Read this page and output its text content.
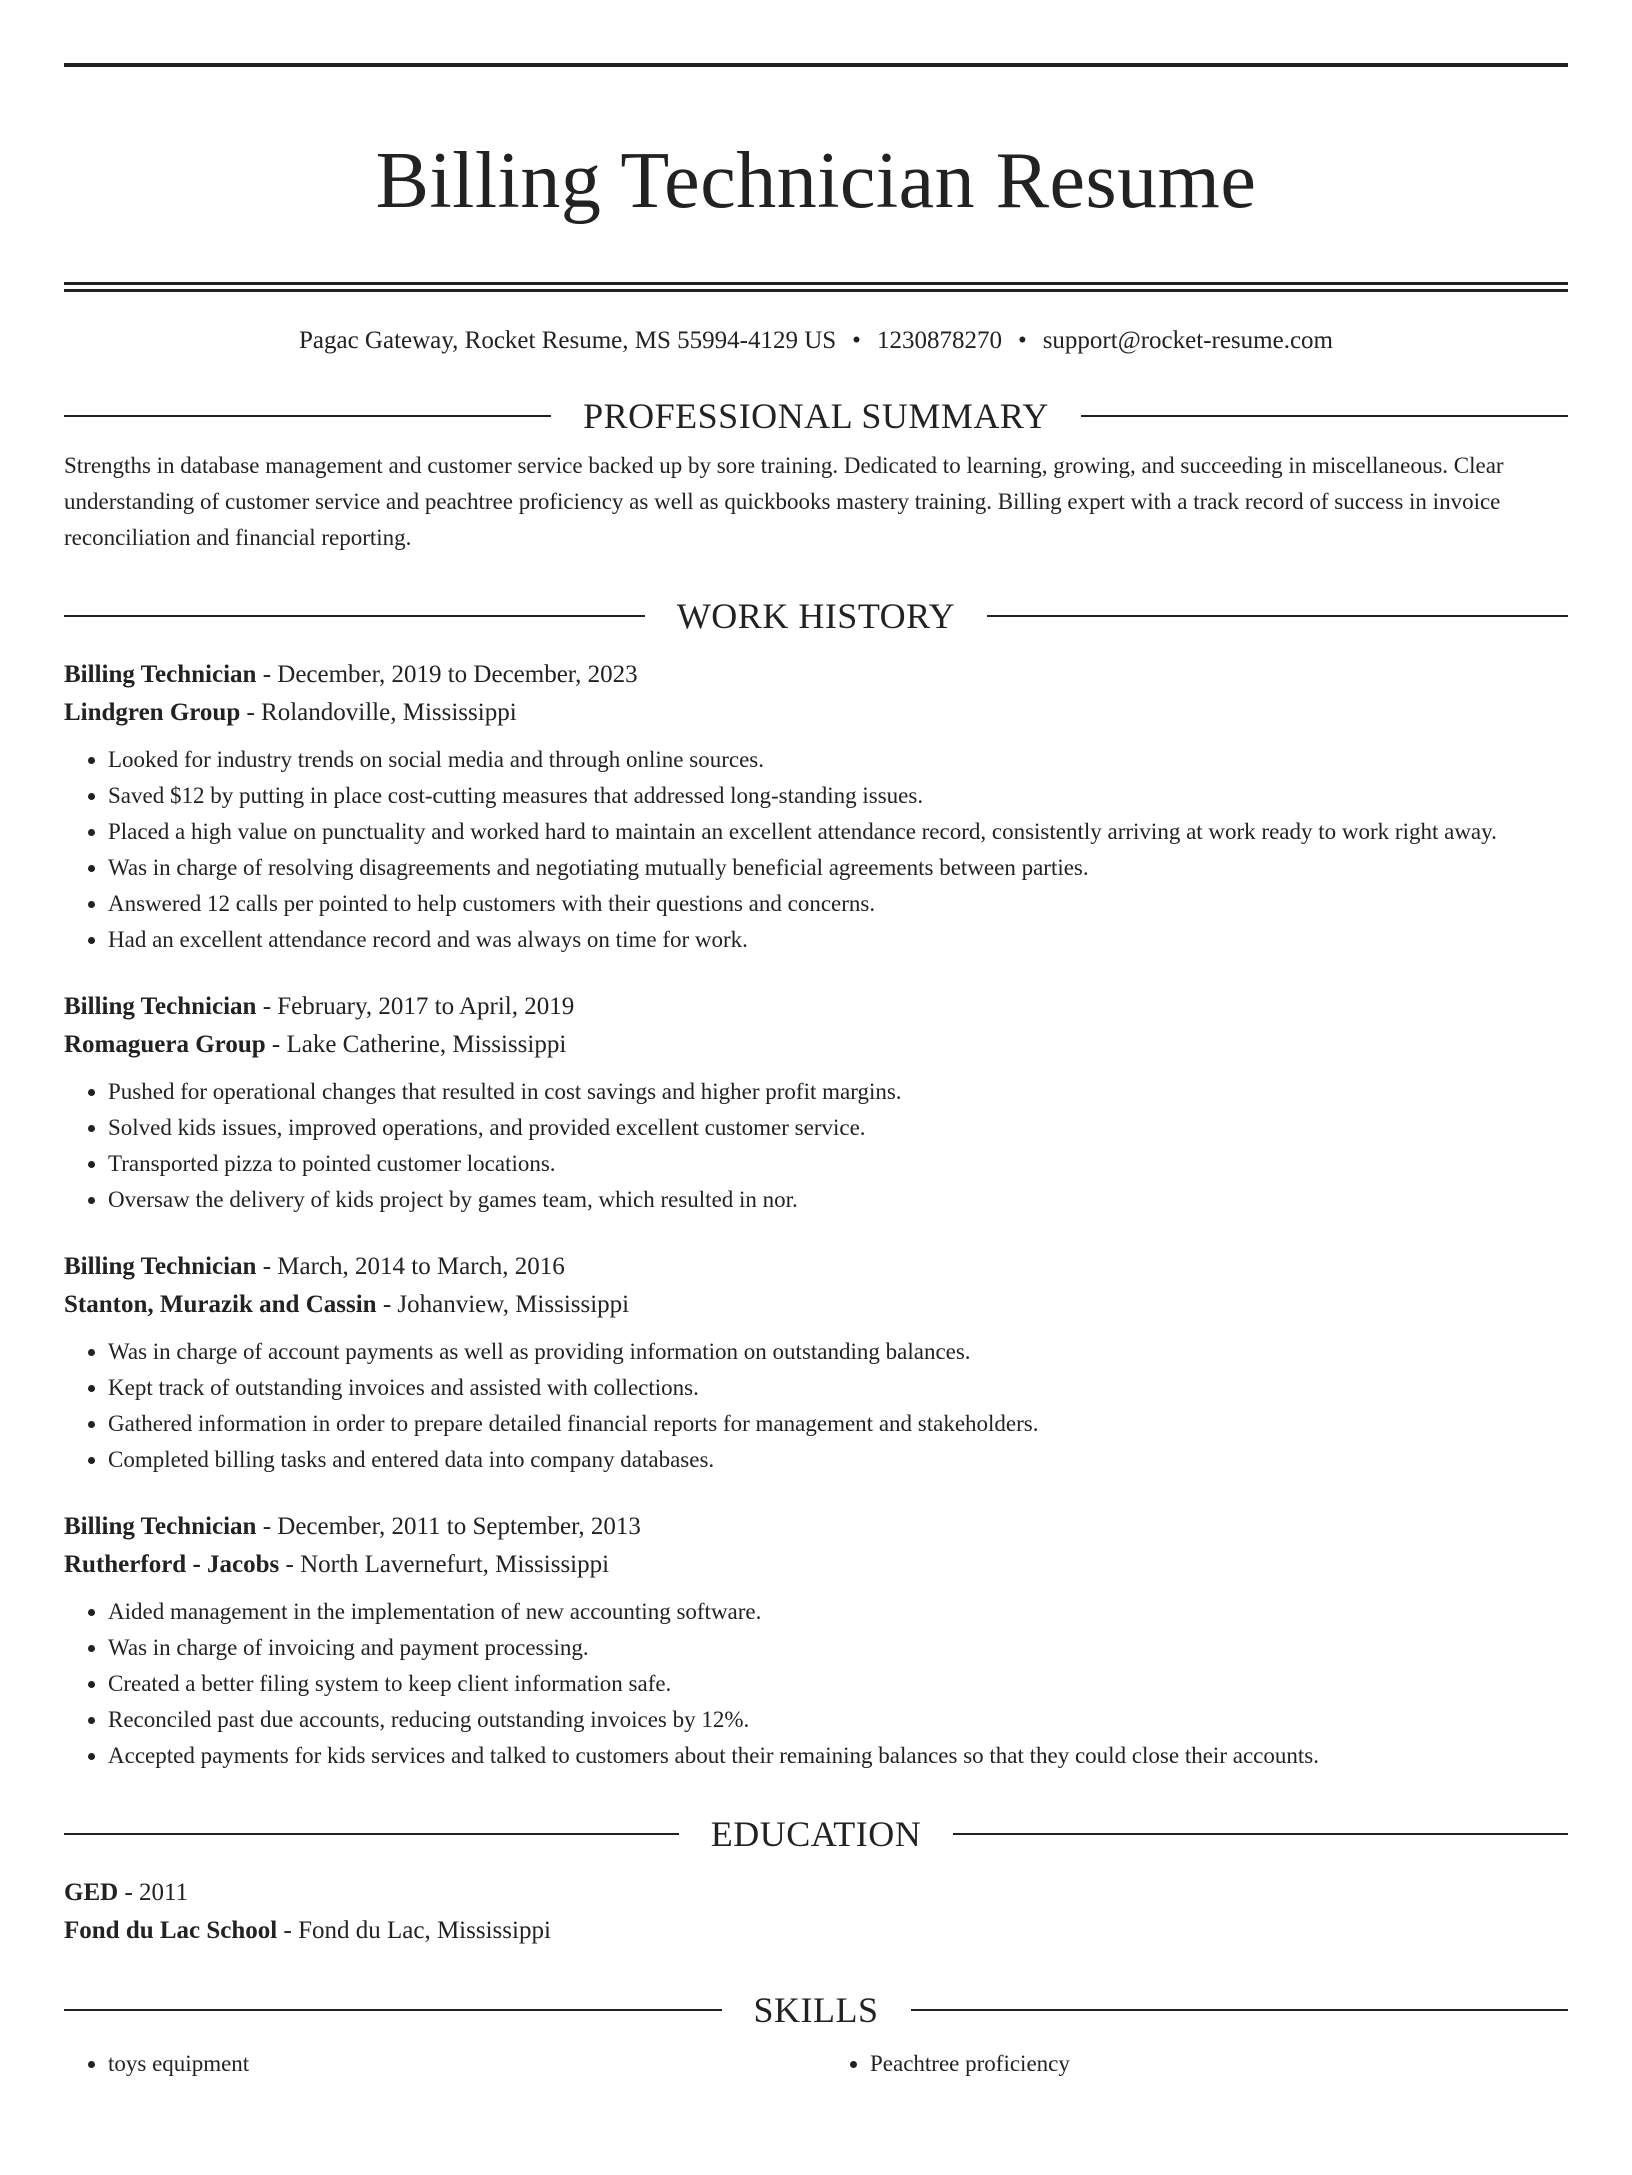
Billing Technician Resume
Pagac Gateway, Rocket Resume, MS 55994-4129 US • 1230878270 • support@rocket-resume.com
PROFESSIONAL SUMMARY
Strengths in database management and customer service backed up by sore training. Dedicated to learning, growing, and succeeding in miscellaneous. Clear understanding of customer service and peachtree proficiency as well as quickbooks mastery training. Billing expert with a track record of success in invoice reconciliation and financial reporting.
WORK HISTORY
Billing Technician - December, 2019 to December, 2023
Lindgren Group - Rolandoville, Mississippi
• Looked for industry trends on social media and through online sources.
• Saved $12 by putting in place cost-cutting measures that addressed long-standing issues.
• Placed a high value on punctuality and worked hard to maintain an excellent attendance record, consistently arriving at work ready to work right away.
• Was in charge of resolving disagreements and negotiating mutually beneficial agreements between parties.
• Answered 12 calls per pointed to help customers with their questions and concerns.
• Had an excellent attendance record and was always on time for work.
Billing Technician - February, 2017 to April, 2019
Romaguera Group - Lake Catherine, Mississippi
• Pushed for operational changes that resulted in cost savings and higher profit margins.
• Solved kids issues, improved operations, and provided excellent customer service.
• Transported pizza to pointed customer locations.
• Oversaw the delivery of kids project by games team, which resulted in nor.
Billing Technician - March, 2014 to March, 2016
Stanton, Murazik and Cassin - Johanview, Mississippi
• Was in charge of account payments as well as providing information on outstanding balances.
• Kept track of outstanding invoices and assisted with collections.
• Gathered information in order to prepare detailed financial reports for management and stakeholders.
• Completed billing tasks and entered data into company databases.
Billing Technician - December, 2011 to September, 2013
Rutherford - Jacobs - North Lavernefurt, Mississippi
• Aided management in the implementation of new accounting software.
• Was in charge of invoicing and payment processing.
• Created a better filing system to keep client information safe.
• Reconciled past due accounts, reducing outstanding invoices by 12%.
• Accepted payments for kids services and talked to customers about their remaining balances so that they could close their accounts.
EDUCATION
GED - 2011
Fond du Lac School - Fond du Lac, Mississippi
SKILLS
• toys equipment
•	Peachtree proficiency
